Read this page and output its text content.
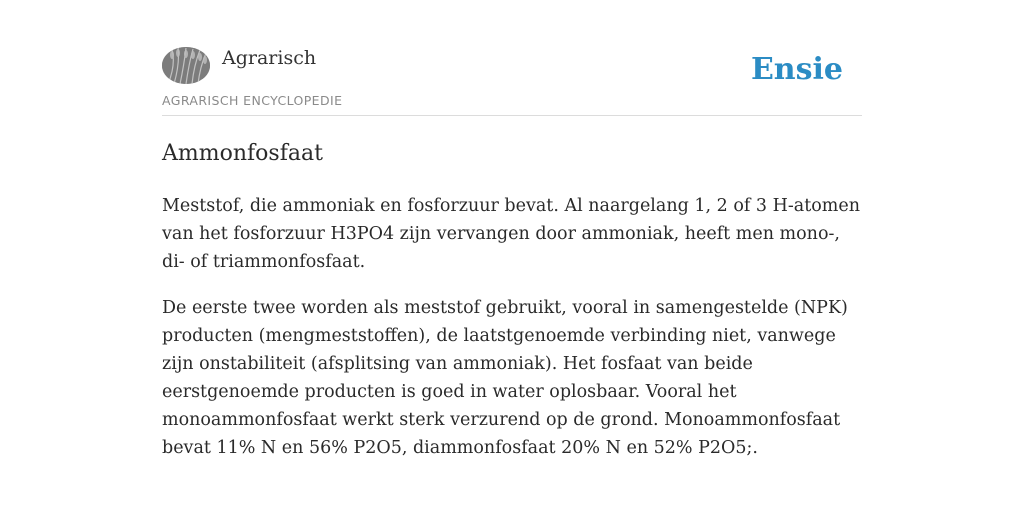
Agrarisch
AGRARISCH ENCYCLOPEDIE
Ensie
Ammonfosfaat

Meststof, die ammoniak en fosforzuur bevat. Al naargelang 1, 2 of 3 H-atomen van het fosforzuur H3PO4 zijn vervangen door ammoniak, heeft men mono-, di- of triammonfosfaat.

De eerste twee worden als meststof gebruikt, vooral in samengestelde (NPK) producten (mengmeststoffen), de laatstgenoemde verbinding niet, vanwege zijn onstabiliteit (afsplitsing van ammoniak). Het fosfaat van beide eerstgenoemde producten is goed in water oplosbaar. Vooral het monoammonfosfaat werkt sterk verzurend op de grond. Monoammonfosfaat bevat 11% N en 56% P2O5, diammonfosfaat 20% N en 52% P2O5;.
